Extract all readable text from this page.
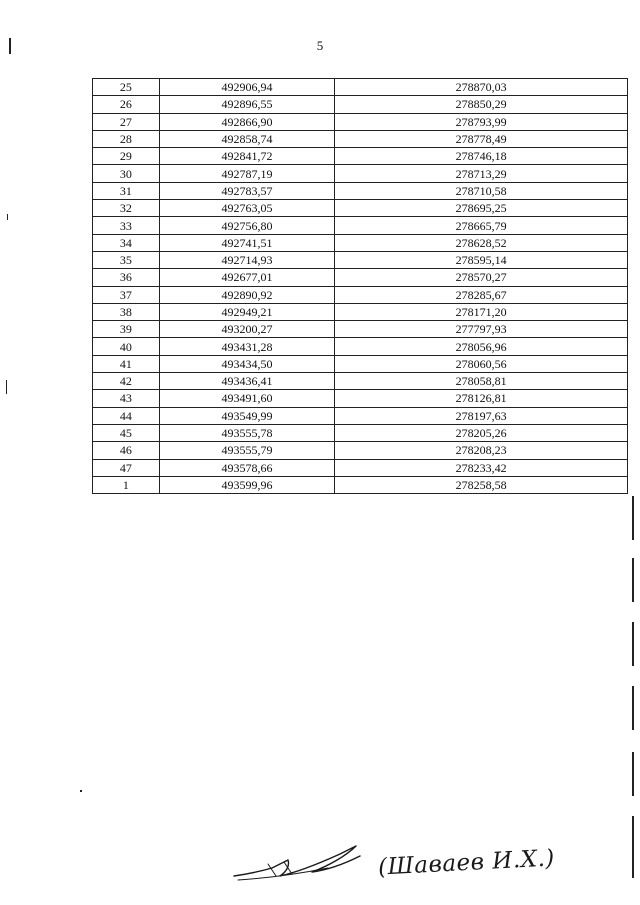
5
25	492906,94	278870,03
26	492896,55	278850,29
27	492866,90	278793,99
28	492858,74	278778,49
29	492841,72	278746,18
30	492787,19	278713,29
31	492783,57	278710,58
32	492763,05	278695,25
33	492756,80	278665,79
34	492741,51	278628,52
35	492714,93	278595,14
36	492677,01	278570,27
37	492890,92	278285,67
38	492949,21	278171,20
39	493200,27	277797,93
40	493431,28	278056,96
41	493434,50	278060,56
42	493436,41	278058,81
43	493491,60	278126,81
44	493549,99	278197,63
45	493555,78	278205,26
46	493555,79	278208,23
47	493578,66	278233,42
1	493599,96	278258,58
(Шаваев И.Х.)
